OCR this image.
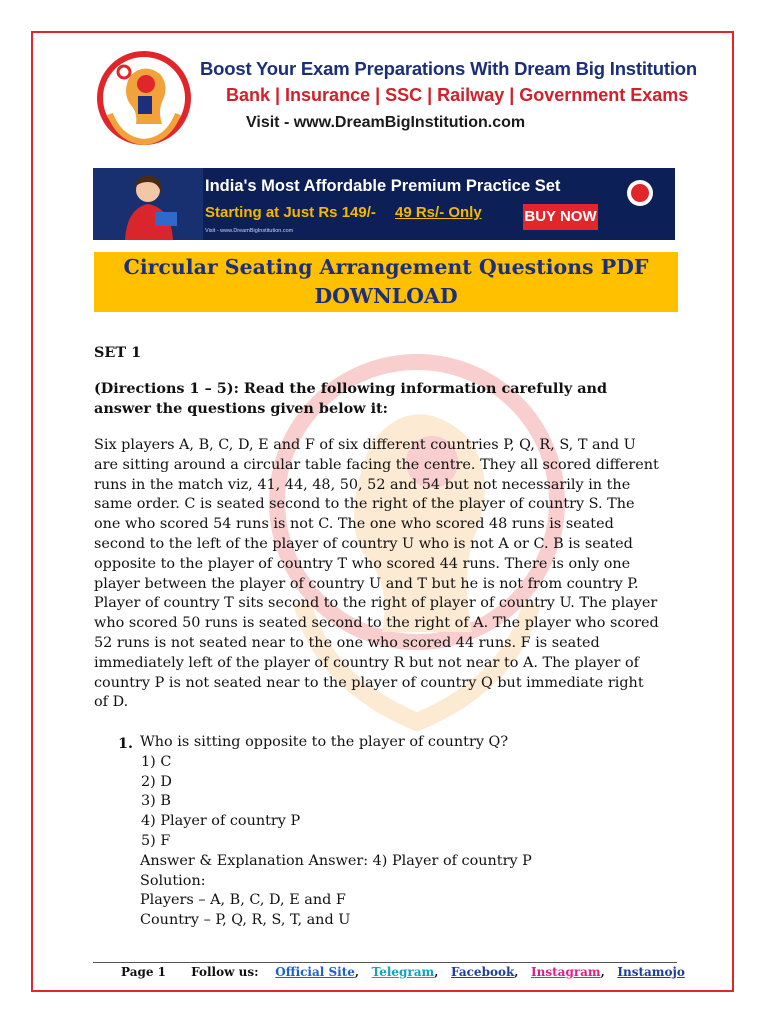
Boost Your Exam Preparations With Dream Big Institution
Bank | Insurance | SSC | Railway | Government Exams
Visit - www.DreamBigInstitution.com
India's Most Affordable Premium Practice Set
Starting at Just Rs 149/- 49 Rs/- Only
Visit - www.DreamBigInstitution.com
BUY NOW
Circular Seating Arrangement Questions PDF
DOWNLOAD
SET 1
(Directions 1 – 5): Read the following information carefully and answer the questions given below it:
Six players A, B, C, D, E and F of six different countries P, Q, R, S, T and U are sitting around a circular table facing the centre. They all scored different runs in the match viz, 41, 44, 48, 50, 52 and 54 but not necessarily in the same order. C is seated second to the right of the player of country S. The one who scored 54 runs is not C. The one who scored 48 runs is seated second to the left of the player of country U who is not A or C. B is seated opposite to the player of country T who scored 44 runs. There is only one player between the player of country U and T but he is not from country P. Player of country T sits second to the right of player of country U. The player who scored 50 runs is seated second to the right of A. The player who scored 52 runs is not seated near to the one who scored 44 runs. F is seated immediately left of the player of country R but not near to A. The player of country P is not seated near to the player of country Q but immediate right of D.
1. Who is sitting opposite to the player of country Q?
1) C
2) D
3) B
4) Player of country P
5) F
Answer & Explanation Answer: 4) Player of country P
Solution:
Players – A, B, C, D, E and F
Country – P, Q, R, S, T, and U
Page 1 Follow us: Official Site, Telegram, Facebook, Instagram, Instamojo
